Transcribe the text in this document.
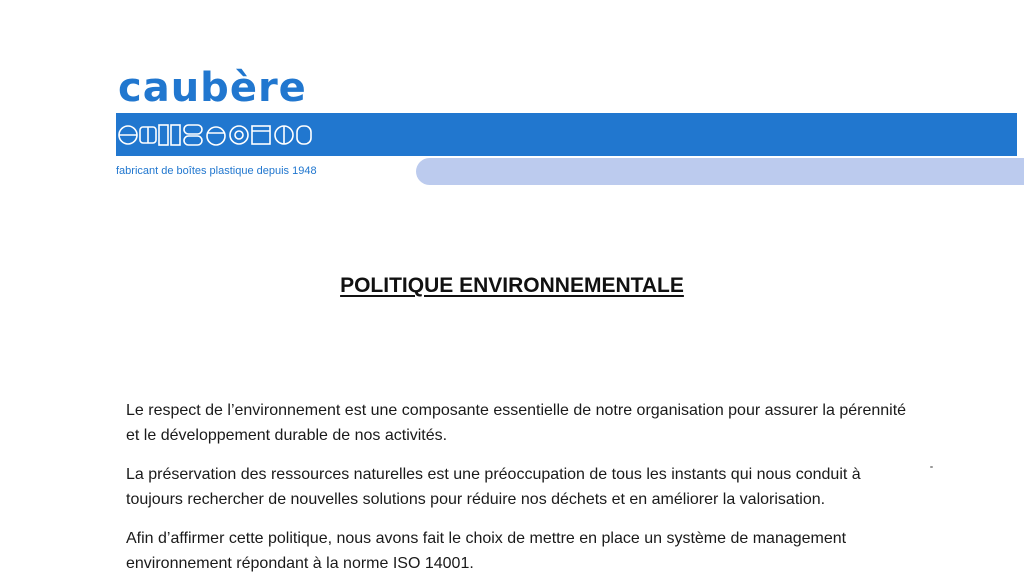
caubère
fabricant de boîtes plastique depuis 1948
POLITIQUE ENVIRONNEMENTALE

Le respect de l’environnement est une composante essentielle de notre organisation pour assurer la pérennité et le développement durable de nos activités.

La préservation des ressources naturelles est une préoccupation de tous les instants qui nous conduit à toujours rechercher de nouvelles solutions pour réduire nos déchets et en améliorer la valorisation.

Afin d’affirmer cette politique, nous avons fait le choix de mettre en place un système de management environnement répondant à la norme ISO 14001.
